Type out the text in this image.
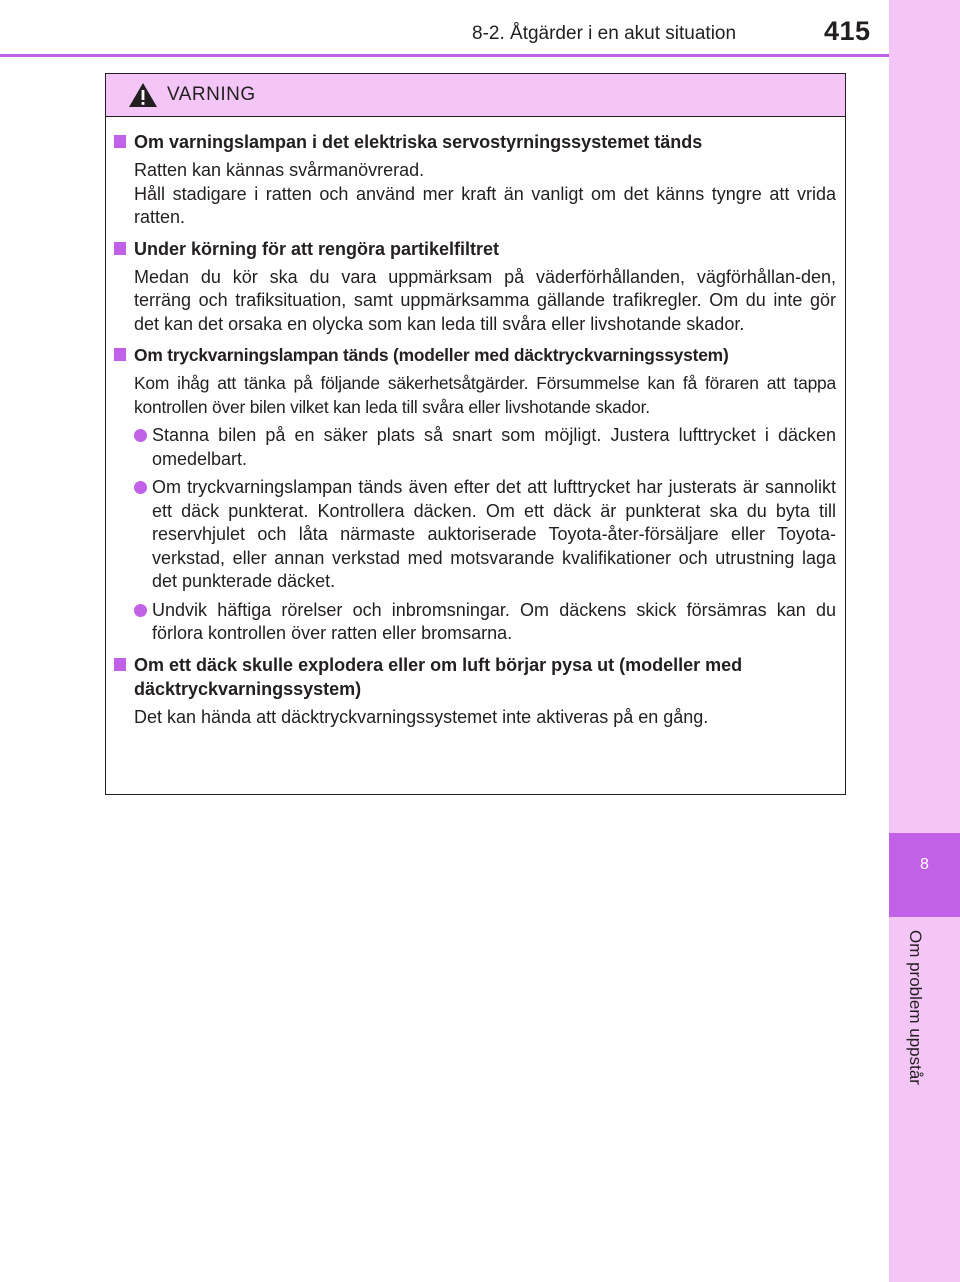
8
Om problem uppstår
8-2. Åtgärder i en akut situation	415
VARNING
Om varningslampan i det elektriska servostyrningssystemet tänds
Ratten kan kännas svårmanövrerad.
Håll stadigare i ratten och använd mer kraft än vanligt om det känns tyngre att vrida ratten.
Under körning för att rengöra partikelfiltret
Medan du kör ska du vara uppmärksam på väderförhållanden, vägförhållan-den, terräng och trafiksituation, samt uppmärksamma gällande trafikregler. Om du inte gör det kan det orsaka en olycka som kan leda till svåra eller livshotande skador.
Om tryckvarningslampan tänds (modeller med däcktryckvarningssystem)
Kom ihåg att tänka på följande säkerhetsåtgärder. Försummelse kan få föraren att tappa kontrollen över bilen vilket kan leda till svåra eller livshotande skador.
Stanna bilen på en säker plats så snart som möjligt. Justera lufttrycket i däcken omedelbart.
Om tryckvarningslampan tänds även efter det att lufttrycket har justerats är sannolikt ett däck punkterat. Kontrollera däcken. Om ett däck är punkterat ska du byta till reservhjulet och låta närmaste auktoriserade Toyota-åter-försäljare eller Toyota-verkstad, eller annan verkstad med motsvarande kvalifikationer och utrustning laga det punkterade däcket.
Undvik häftiga rörelser och inbromsningar. Om däckens skick försämras kan du förlora kontrollen över ratten eller bromsarna.
Om ett däck skulle explodera eller om luft börjar pysa ut (modeller med däcktryckvarningssystem)
Det kan hända att däcktryckvarningssystemet inte aktiveras på en gång.
